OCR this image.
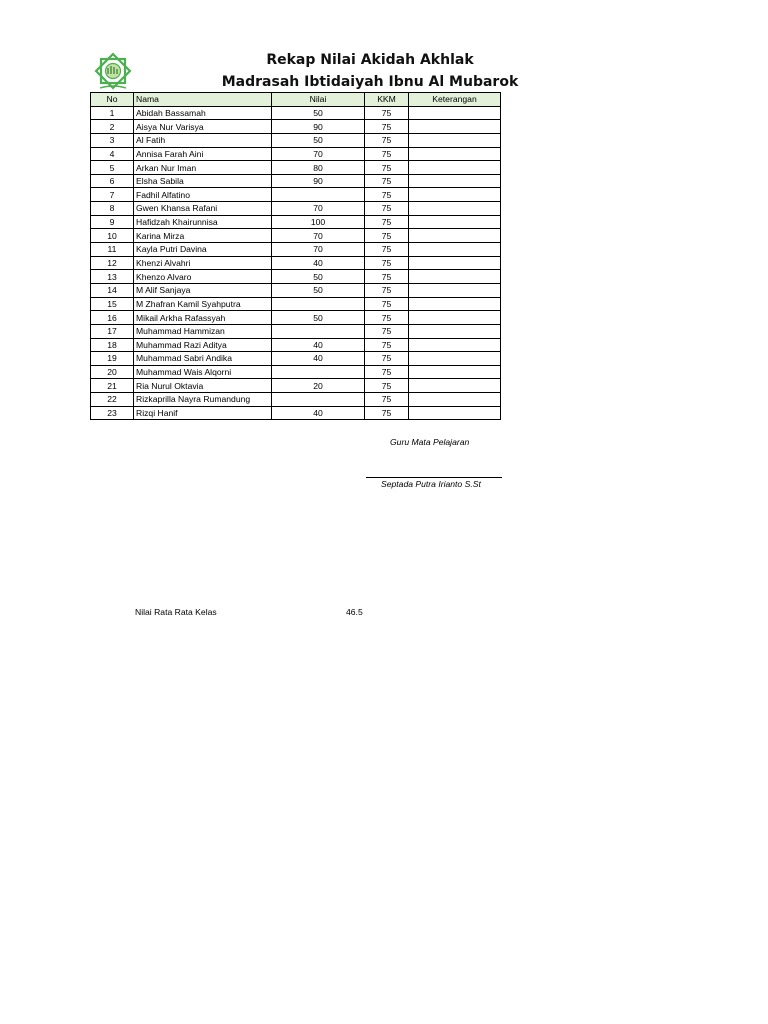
Rekap Nilai Akidah Akhlak
Madrasah Ibtidaiyah Ibnu Al Mubarok
No	Nama	Nilai	KKM	Keterangan
1	Abidah Bassamah	50	75	
2	Aisya Nur Varisya	90	75	
3	Al Fatih	50	75	
4	Annisa Farah Aini	70	75	
5	Arkan Nur Iman	80	75	
6	Elsha Sabila	90	75	
7	Fadhil Alfatino		75	
8	Gwen Khansa Rafani	70	75	
9	Hafidzah Khairunnisa	100	75	
10	Karina Mirza	70	75	
11	Kayla Putri Davina	70	75	
12	Khenzi Alvahri	40	75	
13	Khenzo Alvaro	50	75	
14	M Alif Sanjaya	50	75	
15	M Zhafran Kamil Syahputra		75	
16	Mikail Arkha Rafassyah	50	75	
17	Muhammad Hammizan		75	
18	Muhammad Razi Aditya	40	75	
19	Muhammad Sabri Andika	40	75	
20	Muhammad Wais Alqorni		75	
21	Ria Nurul Oktavia	20	75	
22	Rizkaprilla Nayra Rumandung		75	
23	Rizqi Hanif	40	75	
Guru Mata Pelajaran
Septada Putra Irianto S.St
Nilai Rata Rata Kelas	46.5
